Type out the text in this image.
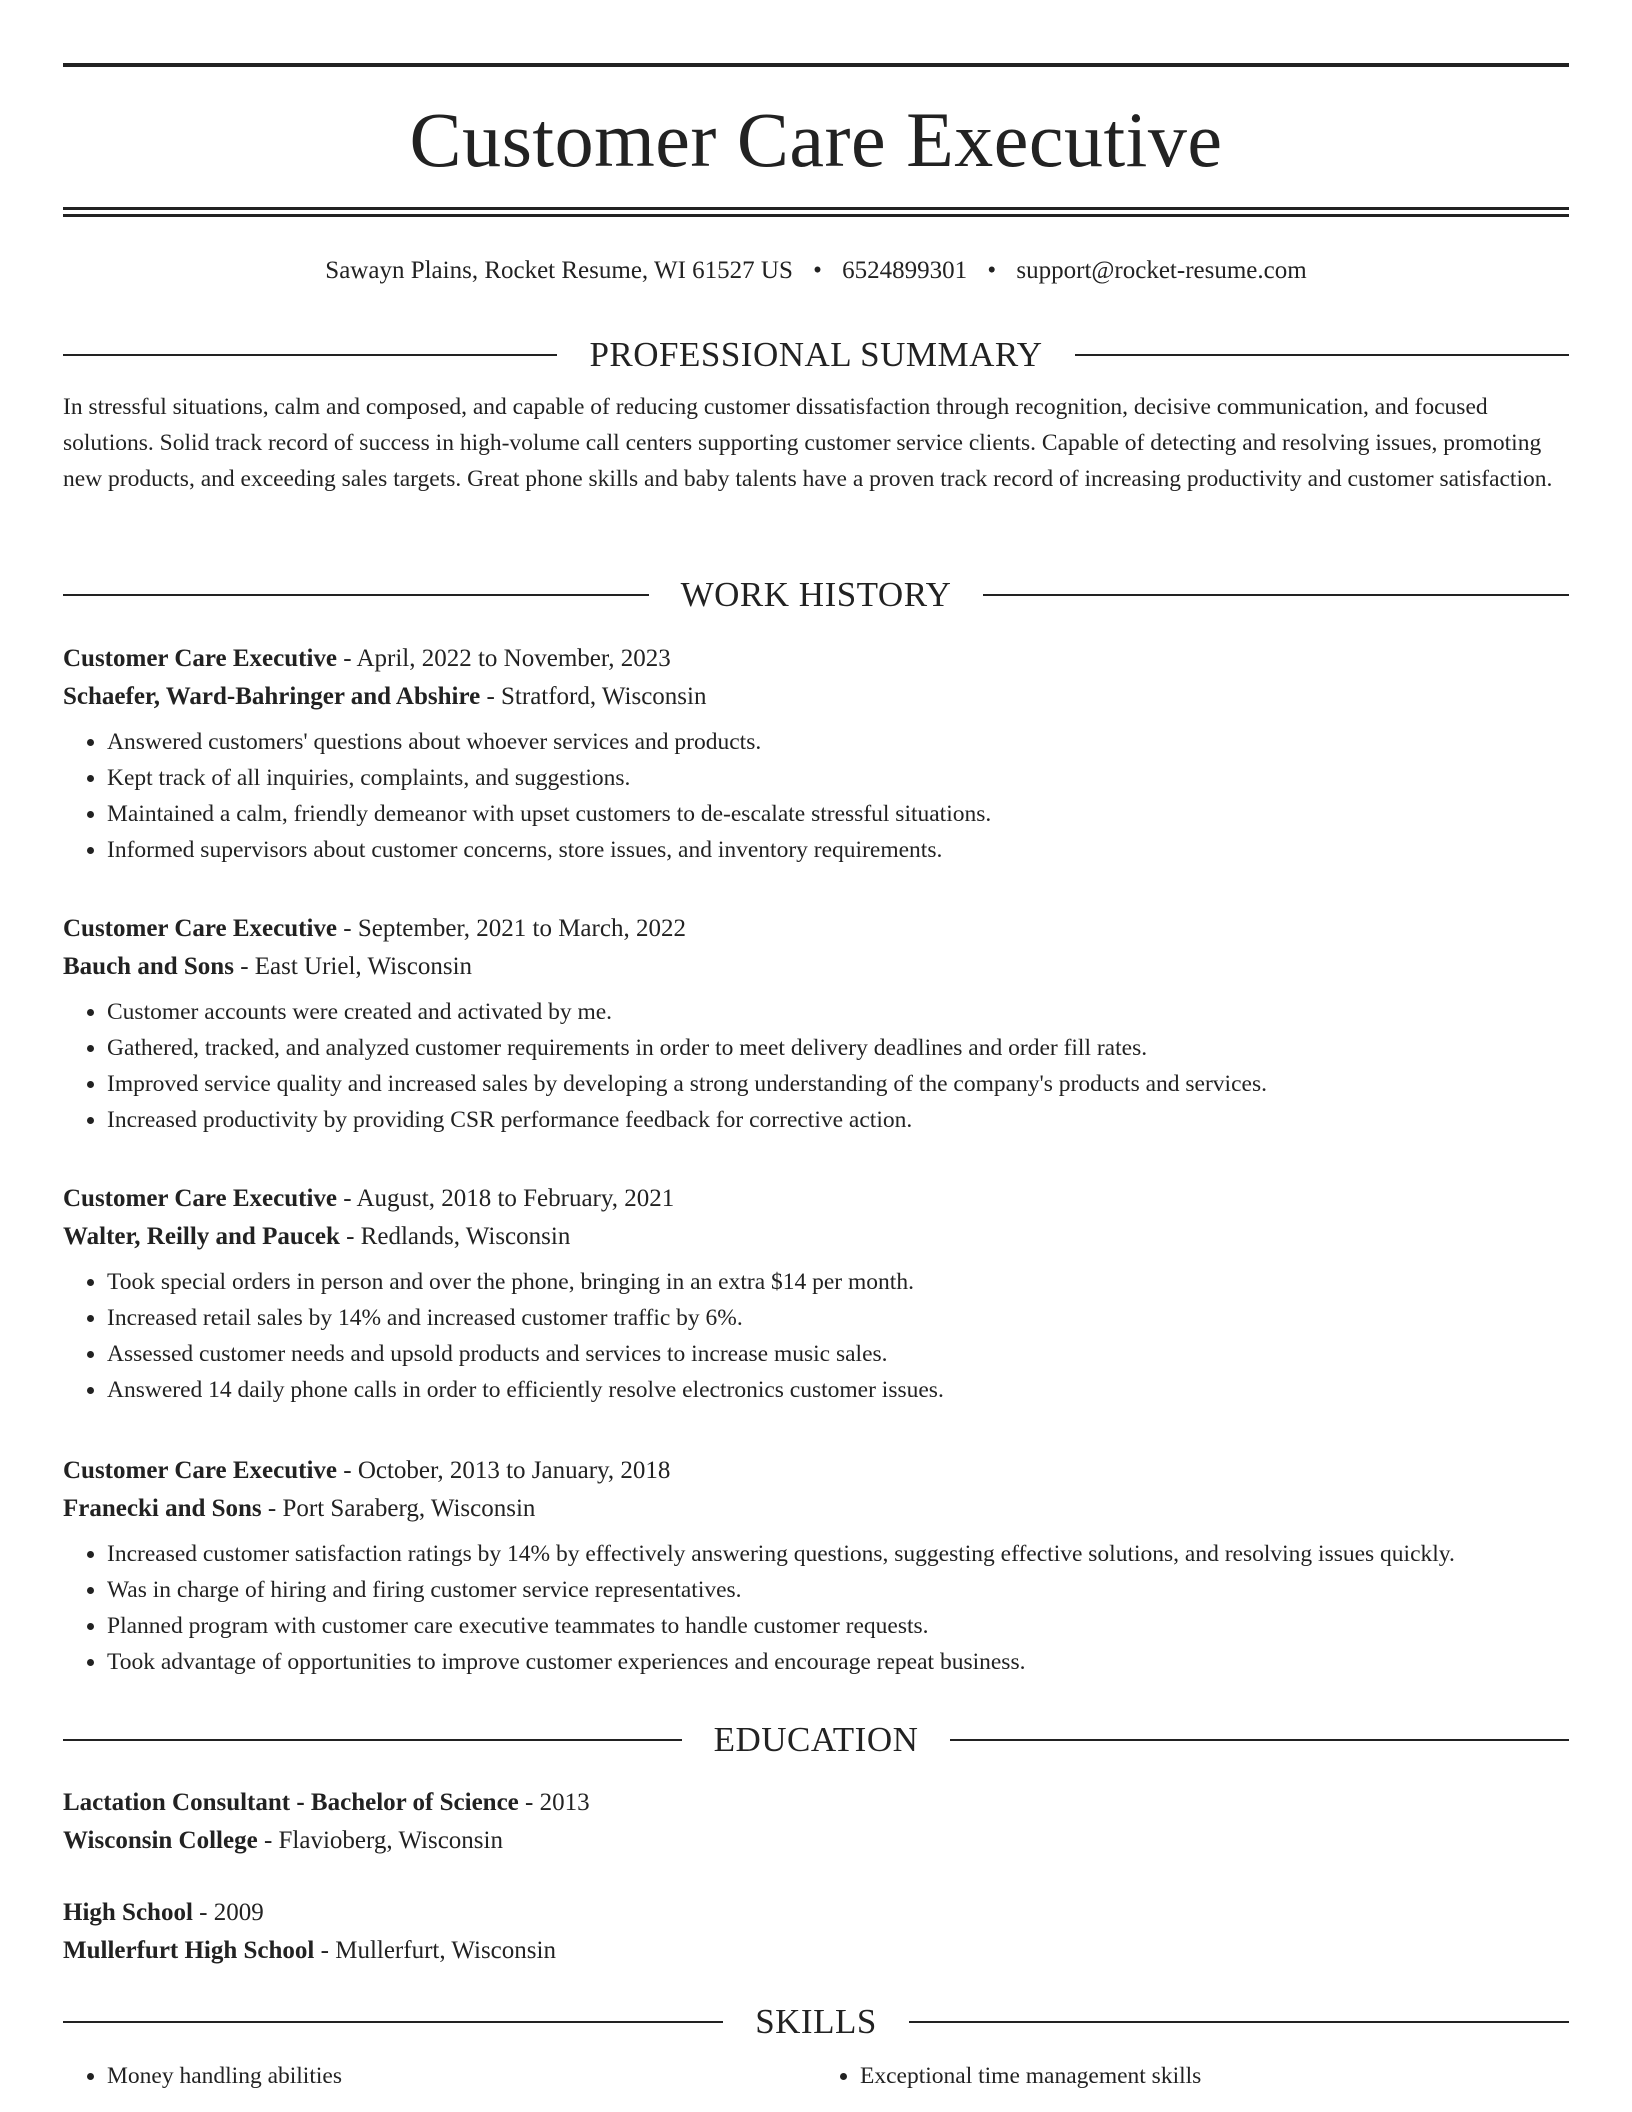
Customer Care Executive
Sawayn Plains, Rocket Resume, WI 61527 US • 6524899301 • support@rocket-resume.com
PROFESSIONAL SUMMARY
In stressful situations, calm and composed, and capable of reducing customer dissatisfaction through recognition, decisive communication, and focused solutions. Solid track record of success in high-volume call centers supporting customer service clients. Capable of detecting and resolving issues, promoting new products, and exceeding sales targets. Great phone skills and baby talents have a proven track record of increasing productivity and customer satisfaction.
WORK HISTORY
Customer Care Executive - April, 2022 to November, 2023
Schaefer, Ward-Bahringer and Abshire - Stratford, Wisconsin
• Answered customers' questions about whoever services and products.
• Kept track of all inquiries, complaints, and suggestions.
• Maintained a calm, friendly demeanor with upset customers to de-escalate stressful situations.
• Informed supervisors about customer concerns, store issues, and inventory requirements.
Customer Care Executive - September, 2021 to March, 2022
Bauch and Sons - East Uriel, Wisconsin
• Customer accounts were created and activated by me.
• Gathered, tracked, and analyzed customer requirements in order to meet delivery deadlines and order fill rates.
• Improved service quality and increased sales by developing a strong understanding of the company's products and services.
• Increased productivity by providing CSR performance feedback for corrective action.
Customer Care Executive - August, 2018 to February, 2021
Walter, Reilly and Paucek - Redlands, Wisconsin
• Took special orders in person and over the phone, bringing in an extra $14 per month.
• Increased retail sales by 14% and increased customer traffic by 6%.
• Assessed customer needs and upsold products and services to increase music sales.
• Answered 14 daily phone calls in order to efficiently resolve electronics customer issues.
Customer Care Executive - October, 2013 to January, 2018
Franecki and Sons - Port Saraberg, Wisconsin
• Increased customer satisfaction ratings by 14% by effectively answering questions, suggesting effective solutions, and resolving issues quickly.
• Was in charge of hiring and firing customer service representatives.
• Planned program with customer care executive teammates to handle customer requests.
• Took advantage of opportunities to improve customer experiences and encourage repeat business.
EDUCATION
Lactation Consultant - Bachelor of Science - 2013
Wisconsin College - Flavioberg, Wisconsin
High School - 2009
Mullerfurt High School - Mullerfurt, Wisconsin
SKILLS
• Money handling abilities
•	Exceptional time management skills
